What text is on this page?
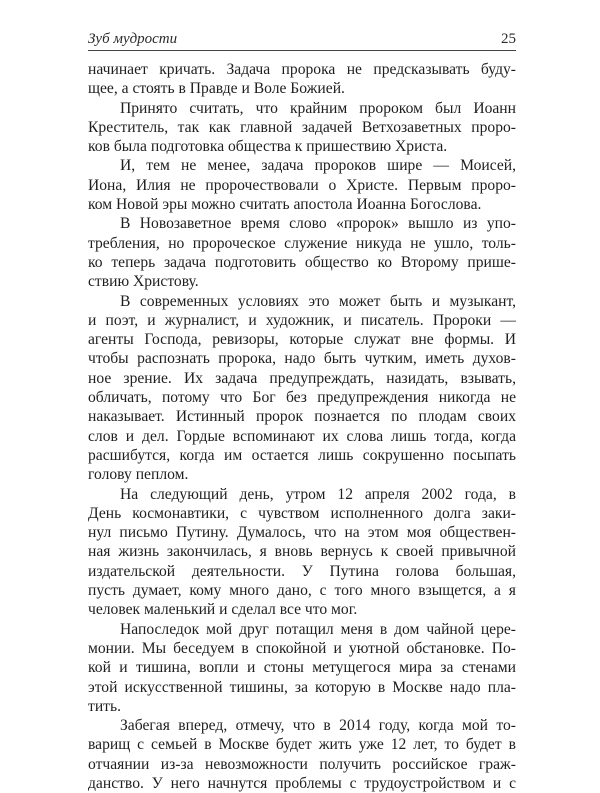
Зуб мудрости	25
начинает кричать. Задача пророка не предсказывать буду-
щее, а стоять в Правде и Воле Божией.
Принято считать, что крайним пророком был Иоанн
Креститель, так как главной задачей Ветхозаветных проро-
ков была подготовка общества к пришествию Христа.
И, тем не менее, задача пророков шире — Моисей,
Иона, Илия не пророчествовали о Христе. Первым проро-
ком Новой эры можно считать апостола Иоанна Богослова.
В Новозаветное время слово «пророк» вышло из упо-
требления, но пророческое служение никуда не ушло, толь-
ко теперь задача подготовить общество ко Второму прише-
ствию Христову.
В современных условиях это может быть и музыкант,
и поэт, и журналист, и художник, и писатель. Пророки —
агенты Господа, ревизоры, которые служат вне формы. И
чтобы распознать пророка, надо быть чутким, иметь духов-
ное зрение. Их задача предупреждать, назидать, взывать,
обличать, потому что Бог без предупреждения никогда не
наказывает. Истинный пророк познается по плодам своих
слов и дел. Гордые вспоминают их слова лишь тогда, когда
расшибутся, когда им остается лишь сокрушенно посыпать
голову пеплом.
На следующий день, утром 12 апреля 2002 года, в
День космонавтики, с чувством исполненного долга заки-
нул письмо Путину. Думалось, что на этом моя обществен-
ная жизнь закончилась, я вновь вернусь к своей привычной
издательской деятельности. У Путина голова большая,
пусть думает, кому много дано, с того много взыщется, а я
человек маленький и сделал все что мог.
Напоследок мой друг потащил меня в дом чайной цере-
монии. Мы беседуем в спокойной и уютной обстановке. По-
кой и тишина, вопли и стоны метущегося мира за стенами
этой искусственной тишины, за которую в Москве надо пла-
тить.
Забегая вперед, отмечу, что в 2014 году, когда мой то-
варищ с семьей в Москве будет жить уже 12 лет, то будет в
отчаянии из-за невозможности получить российское граж-
данство. У него начнутся проблемы с трудоустройством и с
